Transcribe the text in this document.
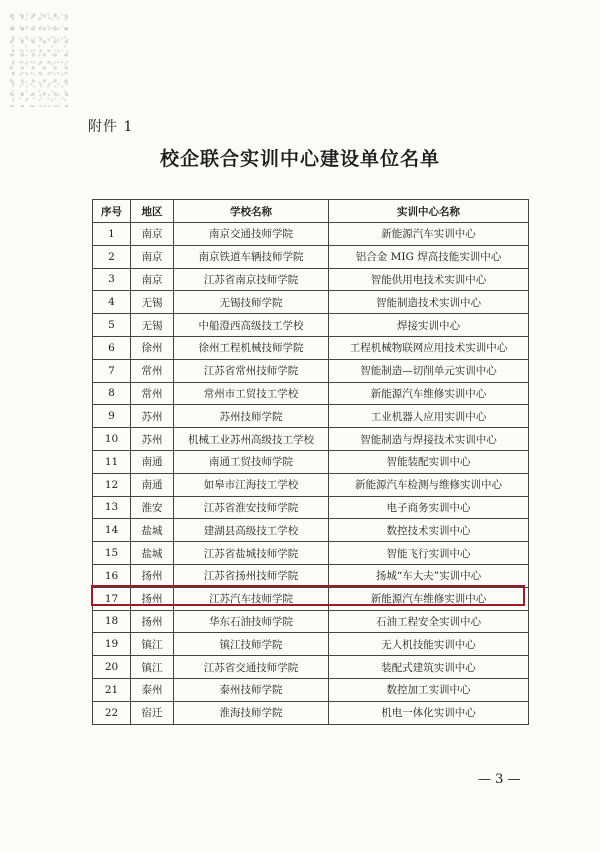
附件 1
校企联合实训中心建设单位名单
序号	地区	学校名称	实训中心名称
1	南京	南京交通技师学院	新能源汽车实训中心
2	南京	南京铁道车辆技师学院	铝合金 MIG 焊高技能实训中心
3	南京	江苏省南京技师学院	智能供用电技术实训中心
4	无锡	无锡技师学院	智能制造技术实训中心
5	无锡	中船澄西高级技工学校	焊接实训中心
6	徐州	徐州工程机械技师学院	工程机械物联网应用技术实训中心
7	常州	江苏省常州技师学院	智能制造—切削单元实训中心
8	常州	常州市工贸技工学校	新能源汽车维修实训中心
9	苏州	苏州技师学院	工业机器人应用实训中心
10	苏州	机械工业苏州高级技工学校	智能制造与焊接技术实训中心
11	南通	南通工贸技师学院	智能装配实训中心
12	南通	如皋市江海技工学校	新能源汽车检测与维修实训中心
13	淮安	江苏省淮安技师学院	电子商务实训中心
14	盐城	建湖县高级技工学校	数控技术实训中心
15	盐城	江苏省盐城技师学院	智能飞行实训中心
16	扬州	江苏省扬州技师学院	扬城“车大夫”实训中心
17	扬州	江苏汽车技师学院	新能源汽车维修实训中心
18	扬州	华东石油技师学院	石油工程安全实训中心
19	镇江	镇江技师学院	无人机技能实训中心
20	镇江	江苏省交通技师学院	装配式建筑实训中心
21	泰州	泰州技师学院	数控加工实训中心
22	宿迁	淮海技师学院	机电一体化实训中心
— 3 —
